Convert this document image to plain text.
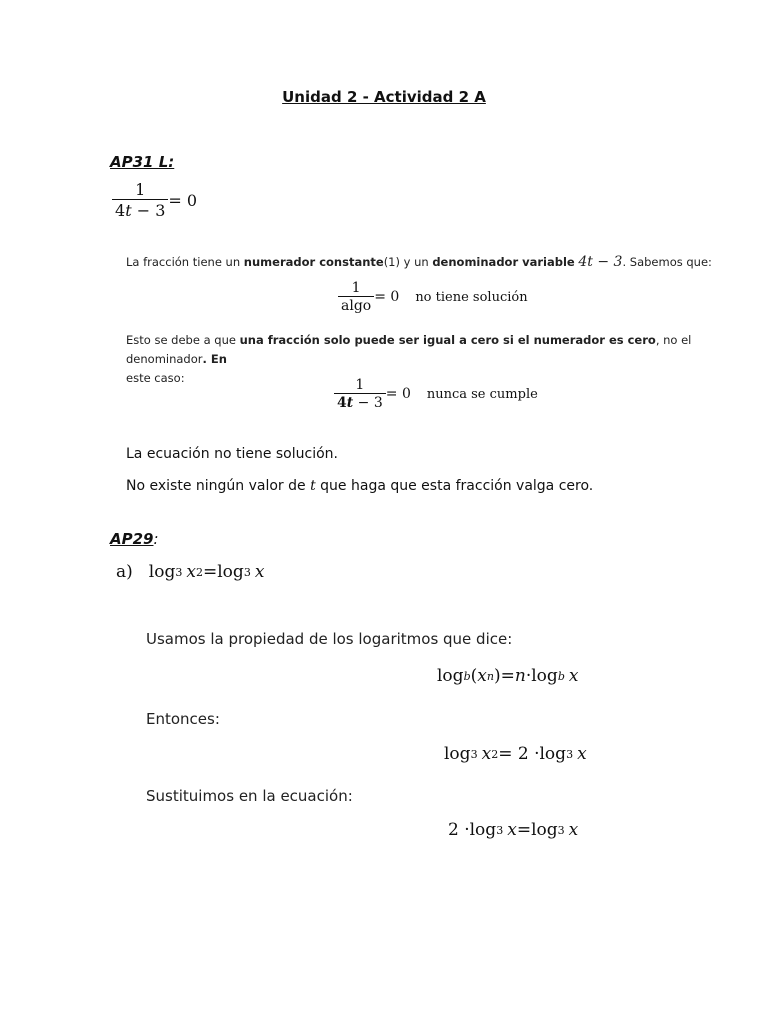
Unidad 2 - Actividad 2 A
AP31 L:
$\frac{1}{4t - 3} = 0$
La fracción tiene un
numerador constante (1) y un
denominador variable
4t − 3 . Sabemos que:
$\frac{1}{algo} = 0$ no tiene solución
Esto se debe a que una fracción solo puede ser igual a cero si el numerador es cero, no el denominador. En
este caso:	$\frac{1}{4t - 3} = 0$ nunca se cumple
La ecuación no tiene solución.
No existe ningún valor de t que haga que esta fracción valga cero.
AP29:
a) log 3 x 2 = log 3 x
Usamos la propiedad de los logaritmos que dice:
log b ( x n ) = n · log b x
Entonces:
log 3 x 2 = 2 · log 3 x
Sustituimos en la ecuación:
2 · log 3 x = log 3 x
